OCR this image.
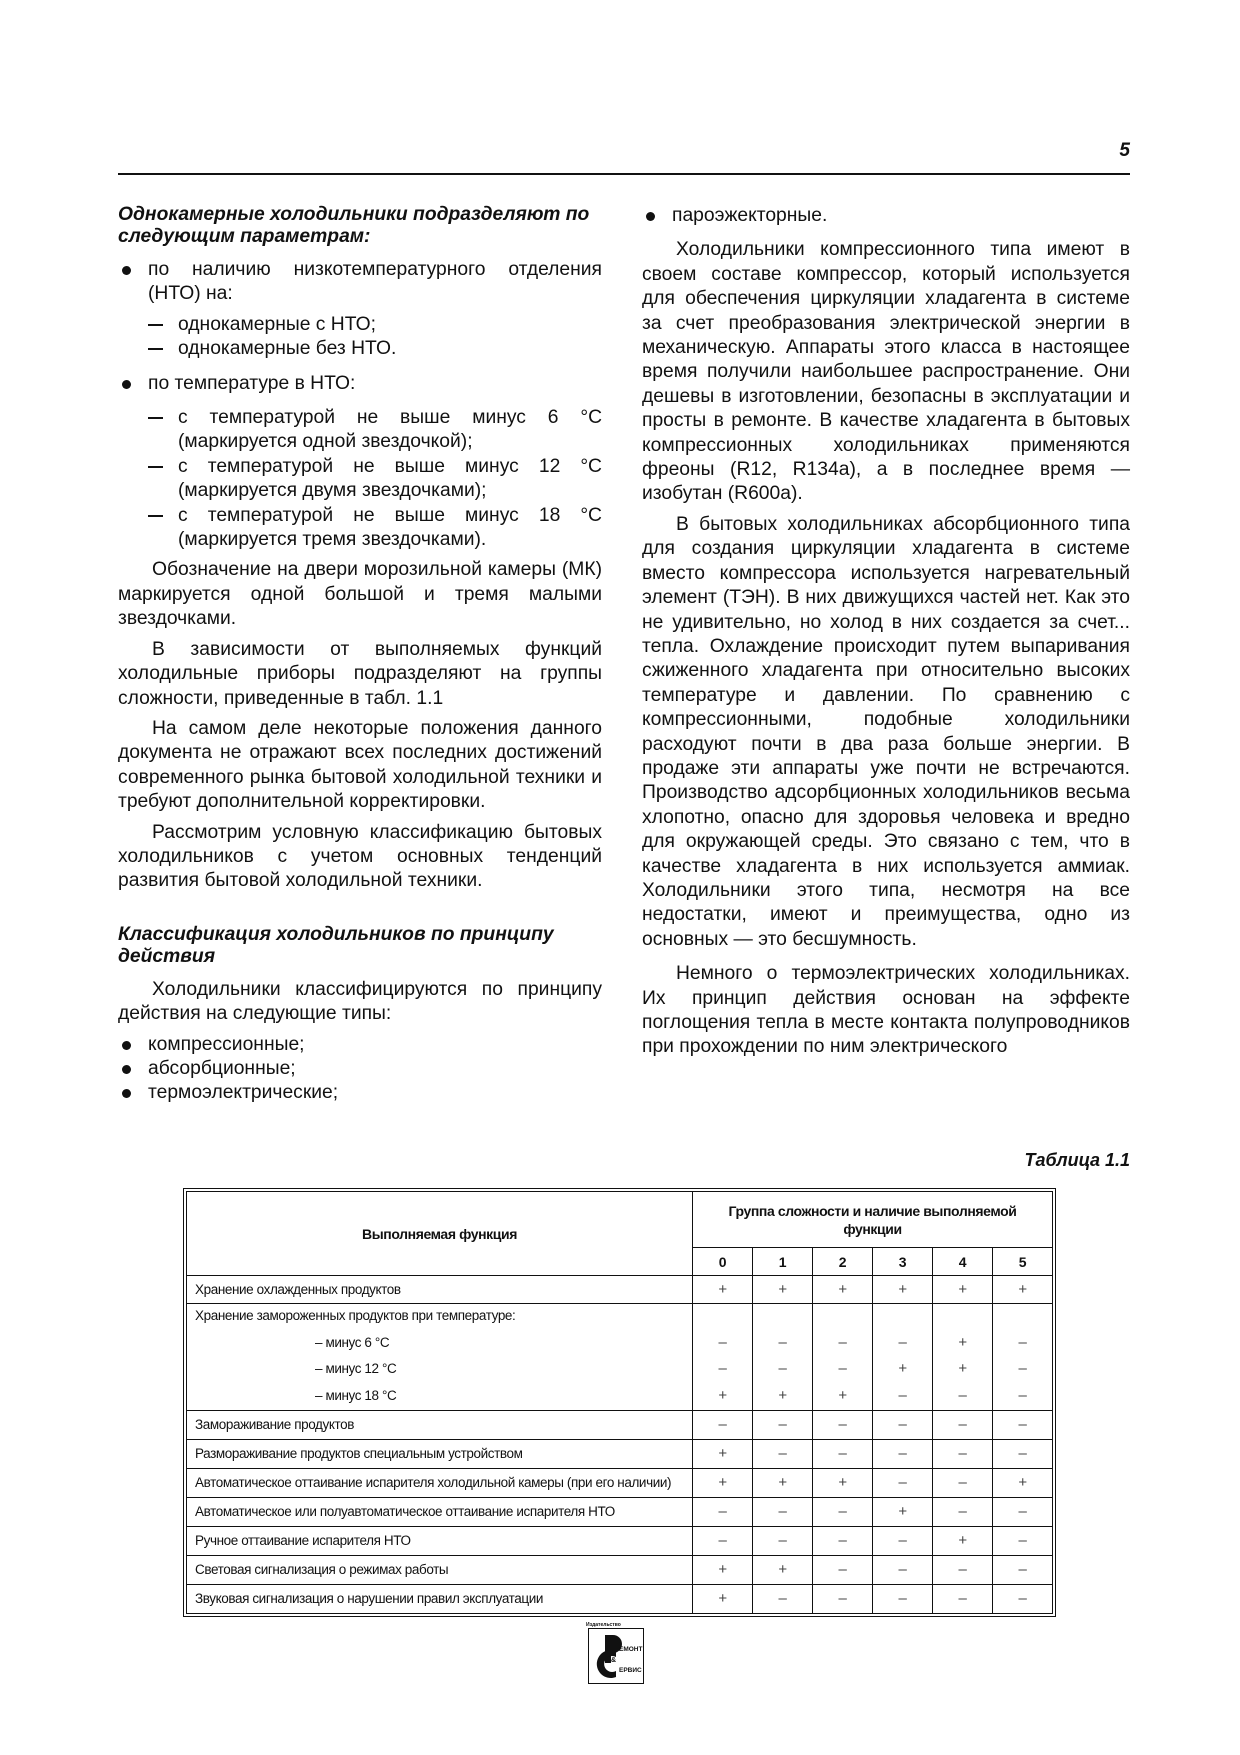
5
Однокамерные холодильники подразделяют по следующим параметрам:
по наличию низкотемпературного отделения (НТО) на:
однокамерные с НТО;
однокамерные без НТО.
по температуре в НТО:
с температурой не выше минус 6 °С (маркируется одной звездочкой);
с температурой не выше минус 12 °С (маркируется двумя звездочками);
с температурой не выше минус 18 °С (маркируется тремя звездочками).

Обозначение на двери морозильной камеры (МК) маркируется одной большой и тремя малыми звездочками.

В зависимости от выполняемых функций холодильные приборы подразделяют на группы сложности, приведенные в табл. 1.1

На самом деле некоторые положения данного документа не отражают всех последних достижений современного рынка бытовой холодильной техники и требуют дополнительной корректировки.

Рассмотрим условную классификацию бытовых холодильников с учетом основных тенденций развития бытовой холодильной техники.

Классификация холодильников по принципу действия

Холодильники классифицируются по принципу действия на следующие типы:

компрессионные;
абсорбционные;
термоэлектрические;
пароэжекторные.

Холодильники компрессионного типа имеют в своем составе компрессор, который используется для обеспечения циркуляции хладагента в системе за счет преобразования электрической энергии в механическую. Аппараты этого класса в настоящее время получили наибольшее распространение. Они дешевы в изготовлении, безопасны в эксплуатации и просты в ремонте. В качестве хладагента в бытовых компрессионных холодильниках применяются фреоны (R12, R134a), а в последнее время — изобутан (R600a).

В бытовых холодильниках абсорбционного типа для создания циркуляции хладагента в системе вместо компрессора используется нагревательный элемент (ТЭН). В них движущихся частей нет. Как это не удивительно, но холод в них создается за счет... тепла. Охлаждение происходит путем выпаривания сжиженного хладагента при относительно высоких температуре и давлении. По сравнению с компрессионными, подобные холодильники расходуют почти в два раза больше энергии. В продаже эти аппараты уже почти не встречаются. Производство адсорбционных холодильников весьма хлопотно, опасно для здоровья человека и вредно для окружающей среды. Это связано с тем, что в качестве хладагента в них используется аммиак. Холодильники этого типа, несмотря на все недостатки, имеют и преимущества, одно из основных — это бесшумность.

Немного о термоэлектрических холодильниках. Их принцип действия основан на эффекте поглощения тепла в месте контакта полупроводников при прохождении по ним электрического

Таблица 1.1
Выполняемая функция	Группа сложности и наличие выполняемой функции					
	0	1	2	3	4	5
Хранение охлажденных продуктов	+	+	+	+	+	+
Хранение замороженных продуктов при температуре:						
– минус 6 °С	–	–	–	–	+	–
– минус 12 °С	–	–	–	+	+	–
– минус 18 °С	+	+	+	–	–	–
Замораживание продуктов	–	–	–	–	–	–
Размораживание продуктов специальным устройством	+	–	–	–	–	–
Автоматическое оттаивание испарителя холодильной камеры (при его наличии)	+	+	+	–	–	+
Автоматическое или полуавтоматическое оттаивание испарителя НТО	–	–	–	+	–	–
Ручное оттаивание испарителя НТО	–	–	–	–	+	–
Световая сигнализация о режимах работы	+	+	–	–	–	–
Звуковая сигнализация о нарушении правил эксплуатации	+	–	–	–	–	–
Издательство
ЕМОНТ
&
ЕРВИС
